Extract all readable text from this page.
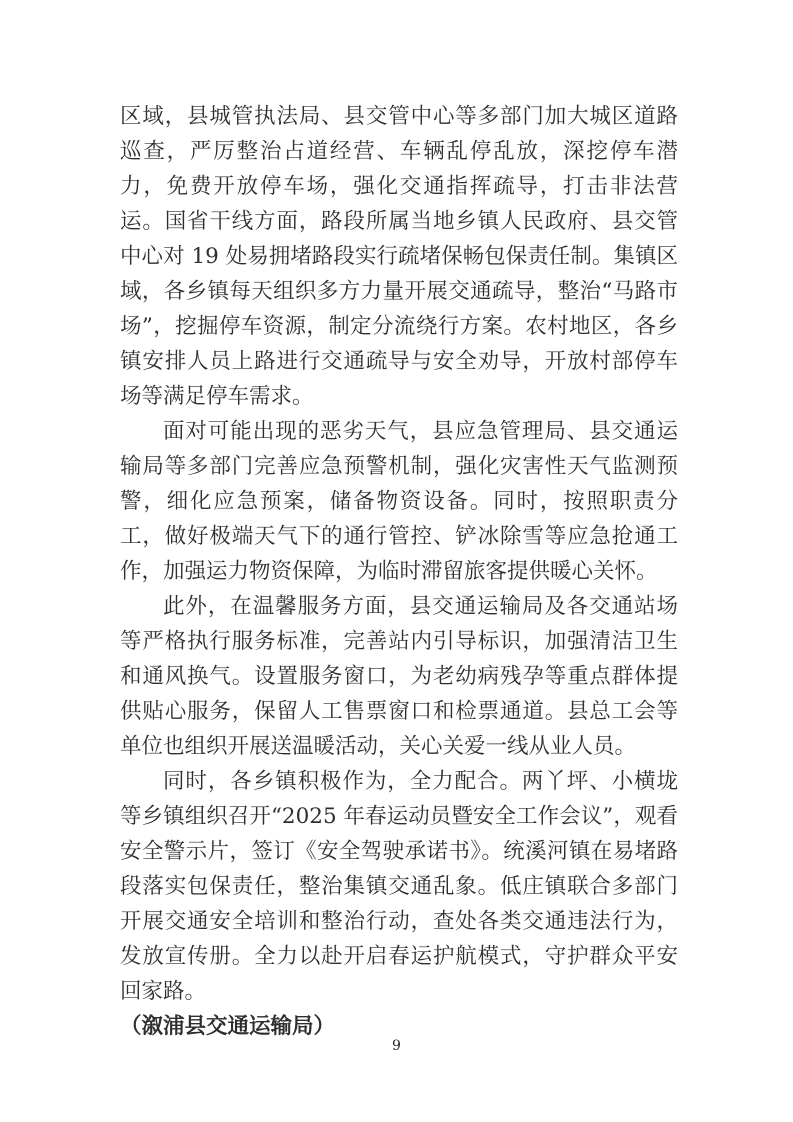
区域，县城管执法局、县交管中心等多部门加大城区道路巡查，严厉整治占道经营、车辆乱停乱放，深挖停车潜力，免费开放停车场，强化交通指挥疏导，打击非法营运。国省干线方面，路段所属当地乡镇人民政府、县交管中心对 19 处易拥堵路段实行疏堵保畅包保责任制。集镇区域，各乡镇每天组织多方力量开展交通疏导，整治“马路市场”，挖掘停车资源，制定分流绕行方案。农村地区，各乡镇安排人员上路进行交通疏导与安全劝导，开放村部停车场等满足停车需求。

面对可能出现的恶劣天气，县应急管理局、县交通运输局等多部门完善应急预警机制，强化灾害性天气监测预警，细化应急预案，储备物资设备。同时，按照职责分工，做好极端天气下的通行管控、铲冰除雪等应急抢通工作，加强运力物资保障，为临时滞留旅客提供暖心关怀。

此外，在温馨服务方面，县交通运输局及各交通站场等严格执行服务标准，完善站内引导标识，加强清洁卫生和通风换气。设置服务窗口，为老幼病残孕等重点群体提供贴心服务，保留人工售票窗口和检票通道。县总工会等单位也组织开展送温暖活动，关心关爱一线从业人员。

同时，各乡镇积极作为，全力配合。两丫坪、小横垅等乡镇组织召开“2025 年春运动员暨安全工作会议”，观看安全警示片，签订《安全驾驶承诺书》。统溪河镇在易堵路段落实包保责任，整治集镇交通乱象。低庄镇联合多部门开展交通安全培训和整治行动，查处各类交通违法行为，发放宣传册。全力以赴开启春运护航模式，守护群众平安回家路。

（溆浦县交通运输局）

9
